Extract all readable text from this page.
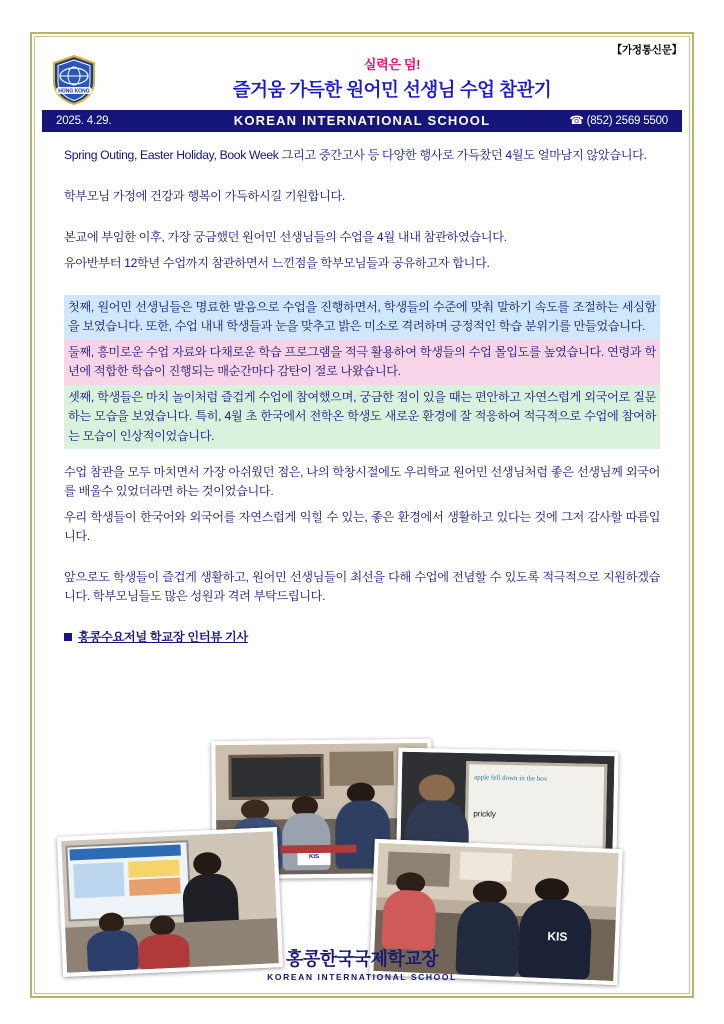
【가정통신문】
HONG KONG
실력은 덤!
즐거움 가득한 원어민 선생님 수업 참관기
2025. 4.29.	KOREAN INTERNATIONAL SCHOOL	☎ (852) 2569 5500
Spring Outing, Easter Holiday, Book Week 그리고 중간고사 등 다양한 행사로 가득찼던 4월도 얼마남지 않았습니다.
학부모님 가정에 건강과 행복이 가득하시길 기원합니다.
본교에 부임한 이후, 가장 궁금했던 원어민 선생님들의 수업을 4월 내내 참관하였습니다.
유아반부터 12학년 수업까지 참관하면서 느낀점을 학부모님들과 공유하고자 합니다.
첫째, 원어민 선생님들은 명료한 발음으로 수업을 진행하면서, 학생들의 수준에 맞춰 말하기 속도를 조절하는 세심함을 보였습니다. 또한, 수업 내내 학생들과 눈을 맞추고 밝은 미소로 격려하며 긍정적인 학습 분위기를 만들었습니다.
둘째, 흥미로운 수업 자료와 다채로운 학습 프로그램을 적극 활용하여 학생들의 수업 몰입도를 높였습니다. 연령과 학년에 적합한 학습이 진행되는 매순간마다 감탄이 절로 나왔습니다.
셋째, 학생들은 마치 놀이처럼 즐겁게 수업에 참여했으며, 궁금한 점이 있을 때는 편안하고 자연스럽게 외국어로 질문하는 모습을 보였습니다. 특히, 4월 초 한국에서 전학온 학생도 새로운 환경에 잘 적응하여 적극적으로 수업에 참여하는 모습이 인상적이었습니다.
수업 참관을 모두 마치면서 가장 아쉬웠던 점은, 나의 학창시절에도 우리학교 원어민 선생님처럼 좋은 선생님께 외국어를 배울수 있었더라면 하는 것이었습니다.
우리 학생들이 한국어와 외국어를 자연스럽게 익힐 수 있는, 좋은 환경에서 생활하고 있다는 것에 그저 감사할 따름입니다.
앞으로도 학생들이 즐겁게 생활하고, 원어민 선생님들이 최선을 다해 수업에 전념할 수 있도록 적극적으로 지원하겠습니다. 학부모님들도 많은 성원과 격려 부탁드립니다.
홍콩수요저널 학교장 인터뷰 기사
KIS
apple fell down in the box
prickly
KIS
홍콩한국국제학교장
KOREAN INTERNATIONAL SCHOOL
